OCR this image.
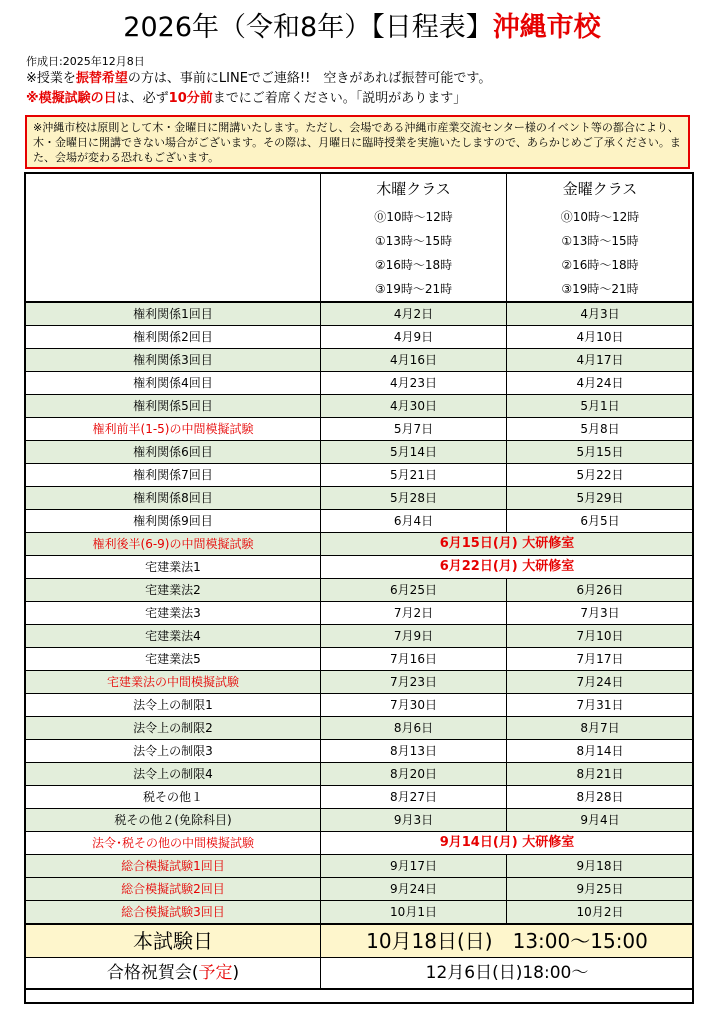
2026年（令和8年）【日程表】沖縄市校
作成日:2025年12月8日
※授業を振替希望の方は、事前にLINEでご連絡!!　空きがあれば振替可能です。
※模擬試験の日は、必ず10分前までにご着席ください。「説明があります」
※沖縄市校は原則として木・金曜日に開講いたします。ただし、会場である沖縄市産業交流センター様のイベント等の都合により、木・金曜日に開講できない場合がございます。その際は、月曜日に臨時授業を実施いたしますので、あらかじめご了承ください。また、会場が変わる恐れもございます。

	木曜クラス
⓪10時～12時
①13時～15時
②16時～18時
③19時～21時	金曜クラス
⓪10時～12時
①13時～15時
②16時～18時
③19時～21時

権利関係1回目	4月2日	4月3日
権利関係2回目	4月9日	4月10日
権利関係3回目	4月16日	4月17日
権利関係4回目	4月23日	4月24日
権利関係5回目	4月30日	5月1日
権利前半(1-5)の中間模擬試験	5月7日	5月8日
権利関係6回目	5月14日	5月15日
権利関係7回目	5月21日	5月22日
権利関係8回目	5月28日	5月29日
権利関係9回目	6月4日	6月5日
権利後半(6-9)の中間模擬試験	6月15日(月) 大研修室	
宅建業法1	6月22日(月) 大研修室	
宅建業法2	6月25日	6月26日
宅建業法3	7月2日	7月3日
宅建業法4	7月9日	7月10日
宅建業法5	7月16日	7月17日
宅建業法の中間模擬試験	7月23日	7月24日
法令上の制限1	7月30日	7月31日
法令上の制限2	8月6日	8月7日
法令上の制限3	8月13日	8月14日
法令上の制限4	8月20日	8月21日
税その他１	8月27日	8月28日
税その他２(免除科目)	9月3日	9月4日
法令･税その他の中間模擬試験	9月14日(月) 大研修室	
総合模擬試験1回目	9月17日	9月18日
総合模擬試験2回目	9月24日	9月25日
総合模擬試験3回目	10月1日	10月2日
本試験日	10月18日(日)　13:00～15:00	
合格祝賀会(予定)	12月6日(日)18:00～	
